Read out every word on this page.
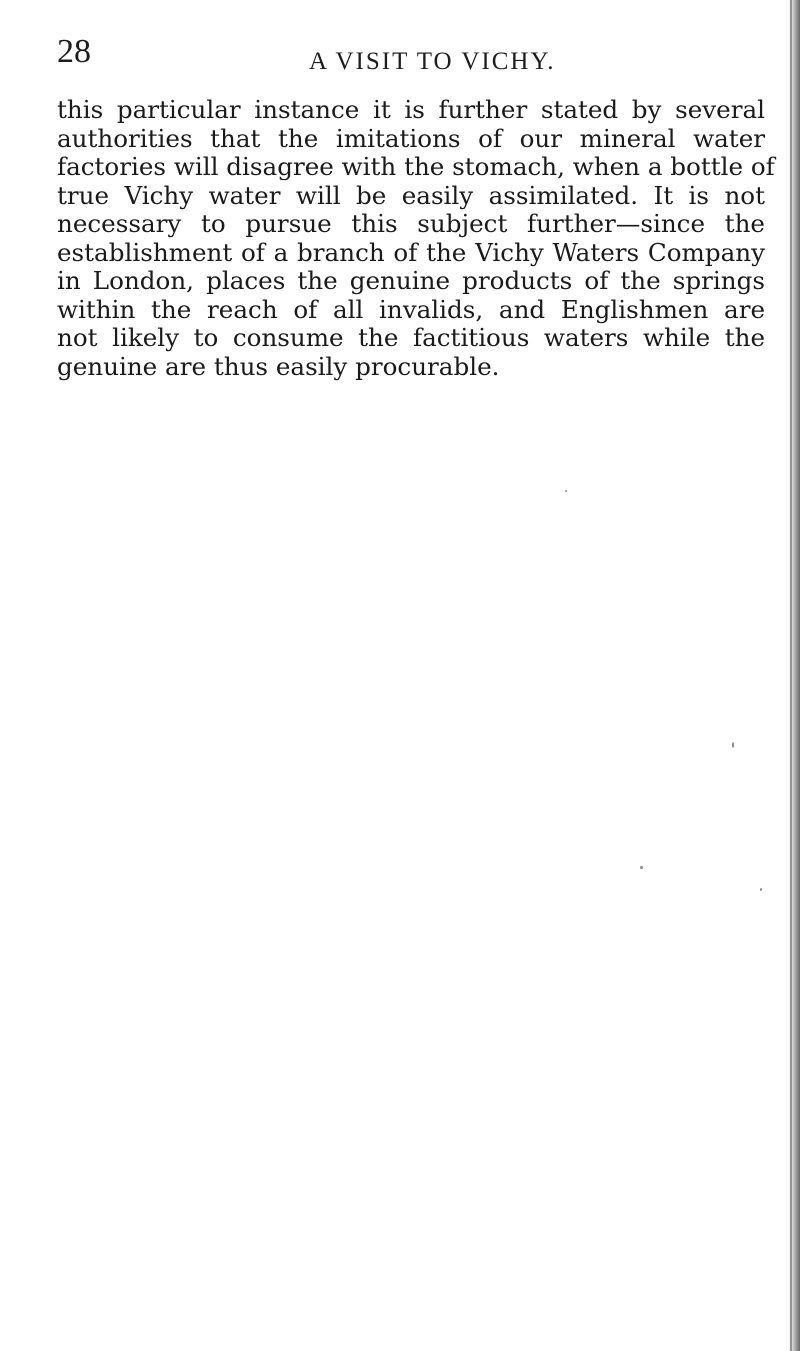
28	A VISIT TO VICHY.
this particular instance it is further stated by several
authorities that the imitations of our mineral water
factories will disagree with the stomach, when a bottle of
true Vichy water will be easily assimilated. It is not
necessary to pursue this subject further—since the
establishment of a branch of the Vichy Waters Company
in London, places the genuine products of the springs
within the reach of all invalids, and Englishmen are
not likely to consume the factitious waters while the
genuine are thus easily procurable.
